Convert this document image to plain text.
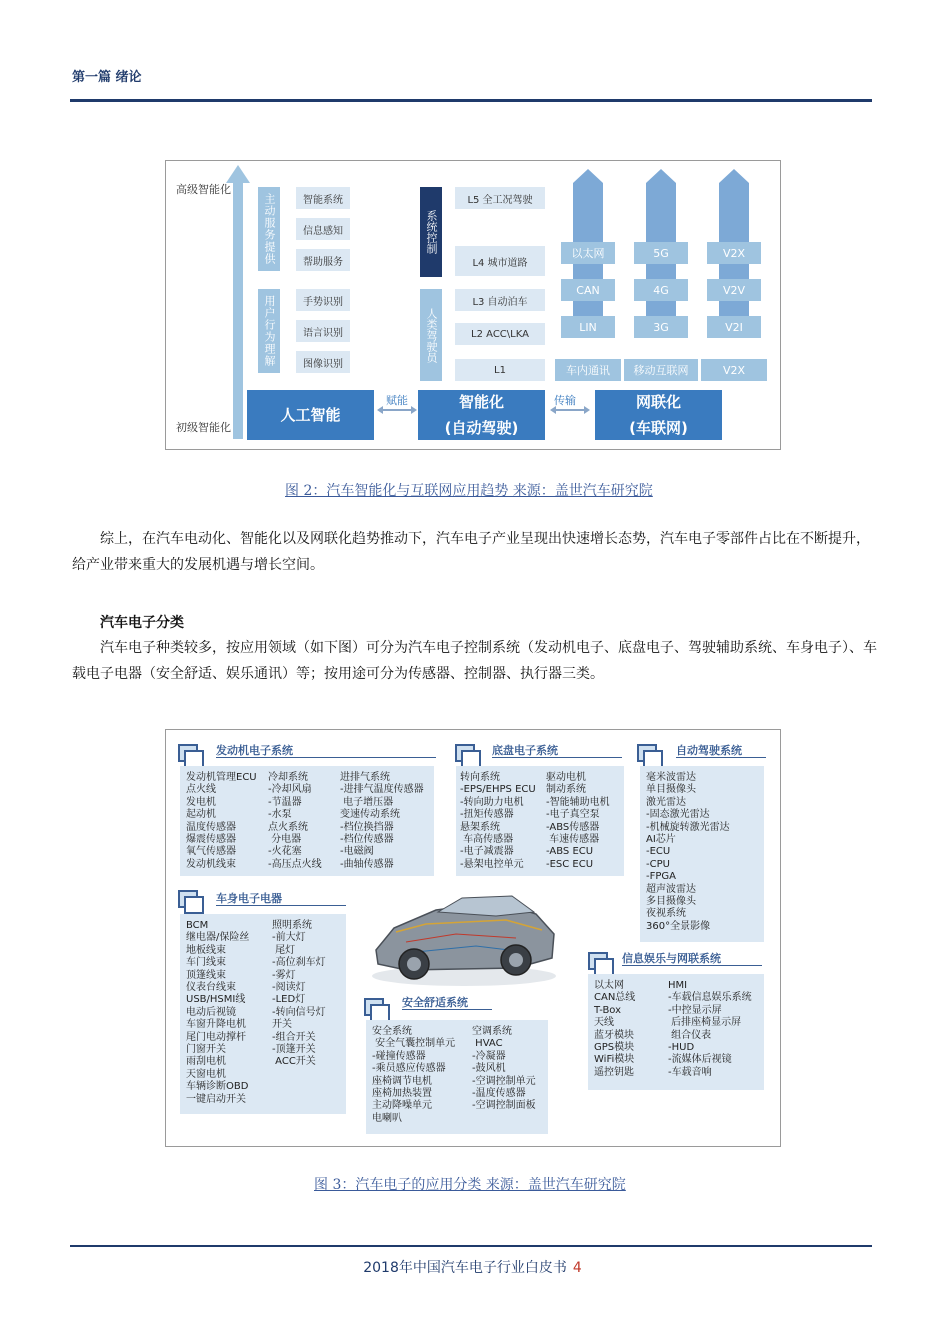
第一篇 绪论
高级智能化
初级智能化
主动服务提供	智能系统
信息感知
帮助服务
用户行为理解	手势识别
语言识别
图像识别
系统控制
人类驾驶员
L5 全工况驾驶
L4 城市道路
L3 自动泊车
L2 ACC\LKA
L1
以太网
CAN
LIN
车内通讯
5G
4G
3G
移动互联网
V2X
V2V
V2I
V2X
人工智能
赋能	智能化
(自动驾驶)
传输	网联化
(车联网)
图 2：汽车智能化与互联网应用趋势 来源：盖世汽车研究院
综上，在汽车电动化、智能化以及网联化趋势推动下，汽车电子产业呈现出快速增长态势，汽车电子零部件占比在不断提升，给产业带来重大的发展机遇与增长空间。
汽车电子分类
汽车电子种类较多，按应用领域（如下图）可分为汽车电子控制系统（发动机电子、底盘电子、驾驶辅助系统、车身电子）、车载电子电器（安全舒适、娱乐通讯）等；按用途可分为传感器、控制器、执行器三类。
发动机电子系统
发动机管理ECU
点火线
发电机
起动机
温度传感器
爆震传感器
氧气传感器
发动机线束
冷却系统
-冷却风扇
-节温器
-水泵
点火系统
分电器
-火花塞
-高压点火线
进排气系统
-进排气温度传感器
电子增压器
变速传动系统
-档位换挡器
-档位传感器
-电磁阀
-曲轴传感器
底盘电子系统
转向系统
-EPS/EHPS ECU
-转向助力电机
-扭矩传感器
悬架系统
车高传感器
-电子减震器
-悬架电控单元
驱动电机
制动系统
-智能辅助电机
-电子真空泵
-ABS传感器
车速传感器
-ABS ECU
-ESC ECU
自动驾驶系统
毫米波雷达
单目摄像头
激光雷达
-固态激光雷达
-机械旋转激光雷达
AI芯片
-ECU
-CPU
-FPGA
超声波雷达
多目摄像头
夜视系统
360°全景影像
车身电子电器
BCM
继电器/保险丝
地板线束
车门线束
顶篷线束
仪表台线束
USB/HSMI线
电动后视镜
车窗升降电机
尾门电动撑杆
门窗开关
雨刮电机
天窗电机
车辆诊断OBD
一键启动开关
照明系统
-前大灯
尾灯
-高位刹车灯
-雾灯
-阅读灯
-LED灯
-转向信号灯
开关
-组合开关
-顶篷开关
ACC开关
信息娱乐与网联系统
以太网
CAN总线
T-Box
天线
蓝牙模块
GPS模块
WiFi模块
遥控钥匙
HMI
-车载信息娱乐系统
-中控显示屏
后排座椅显示屏
组合仪表
-HUD
-流媒体后视镜
-车载音响
安全舒适系统
安全系统
安全气囊控制单元
-碰撞传感器
-乘员感应传感器
座椅调节电机
座椅加热装置
主动降噪单元
电喇叭
空调系统
HVAC
-冷凝器
-鼓风机
-空调控制单元
-温度传感器
-空调控制面板
图 3：汽车电子的应用分类 来源：盖世汽车研究院
2018年中国汽车电子行业白皮书 4
